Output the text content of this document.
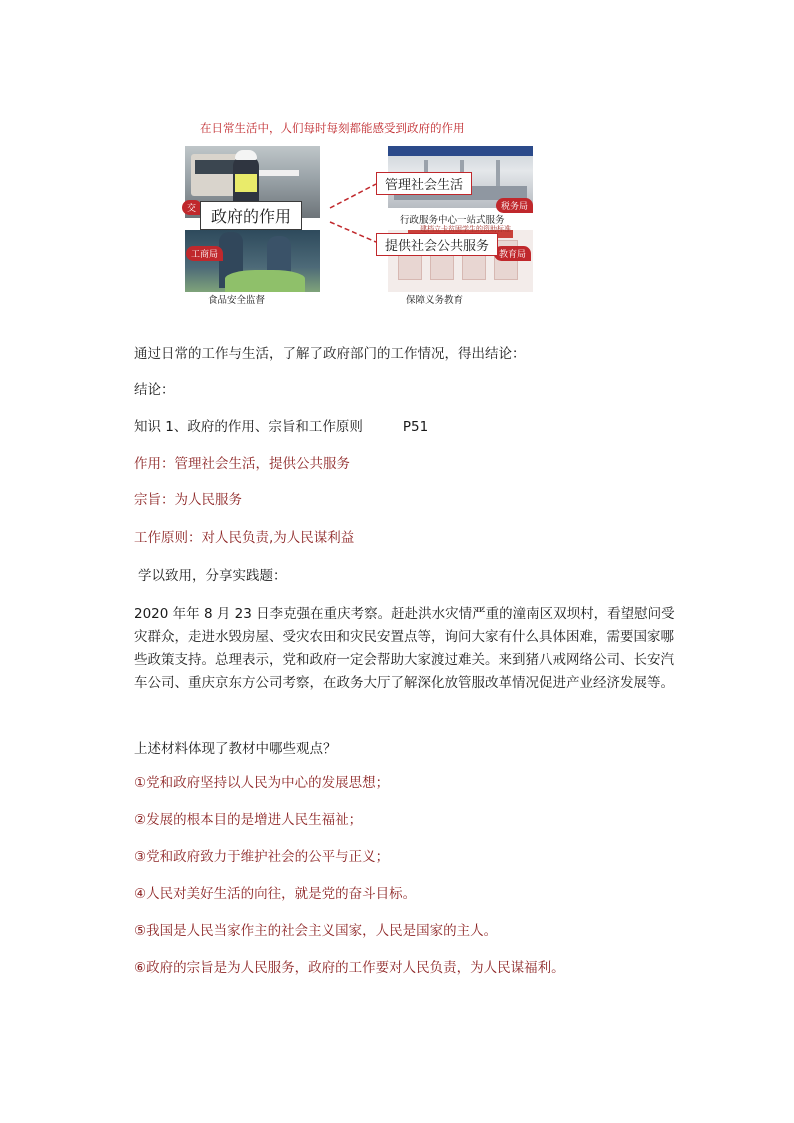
在日常生活中，人们每时每刻都能感受到政府的作用
交
工商局
税务局
教育局
政府的作用
管理社会生活
提供社会公共服务
食品安全监督
行政服务中心一站式服务
建档立卡贫困学生的资助标准
保障义务教育
通过日常的工作与生活，了解了政府部门的工作情况，得出结论：
结论：
知识 1、政府的作用、宗旨和工作原则	P51
作用：管理社会生活，提供公共服务
宗旨：为人民服务
工作原则：对人民负责,为人民谋利益
学以致用，分享实践题：
2020 年年 8 月 23 日李克强在重庆考察。赶赴洪水灾情严重的潼南区双坝村，看望慰问受灾群众，走进水毁房屋、受灾农田和灾民安置点等，询问大家有什么具体困难，需要国家哪些政策支持。总理表示，党和政府一定会帮助大家渡过难关。来到猪八戒网络公司、长安汽车公司、重庆京东方公司考察，在政务大厅了解深化放管服改革情况促进产业经济发展等。
上述材料体现了教材中哪些观点？
①党和政府坚持以人民为中心的发展思想；
②发展的根本目的是增进人民生福祉；
③党和政府致力于维护社会的公平与正义；
④人民对美好生活的向往，就是党的奋斗目标。
⑤我国是人民当家作主的社会主义国家，人民是国家的主人。
⑥政府的宗旨是为人民服务，政府的工作要对人民负责，为人民谋福利。
